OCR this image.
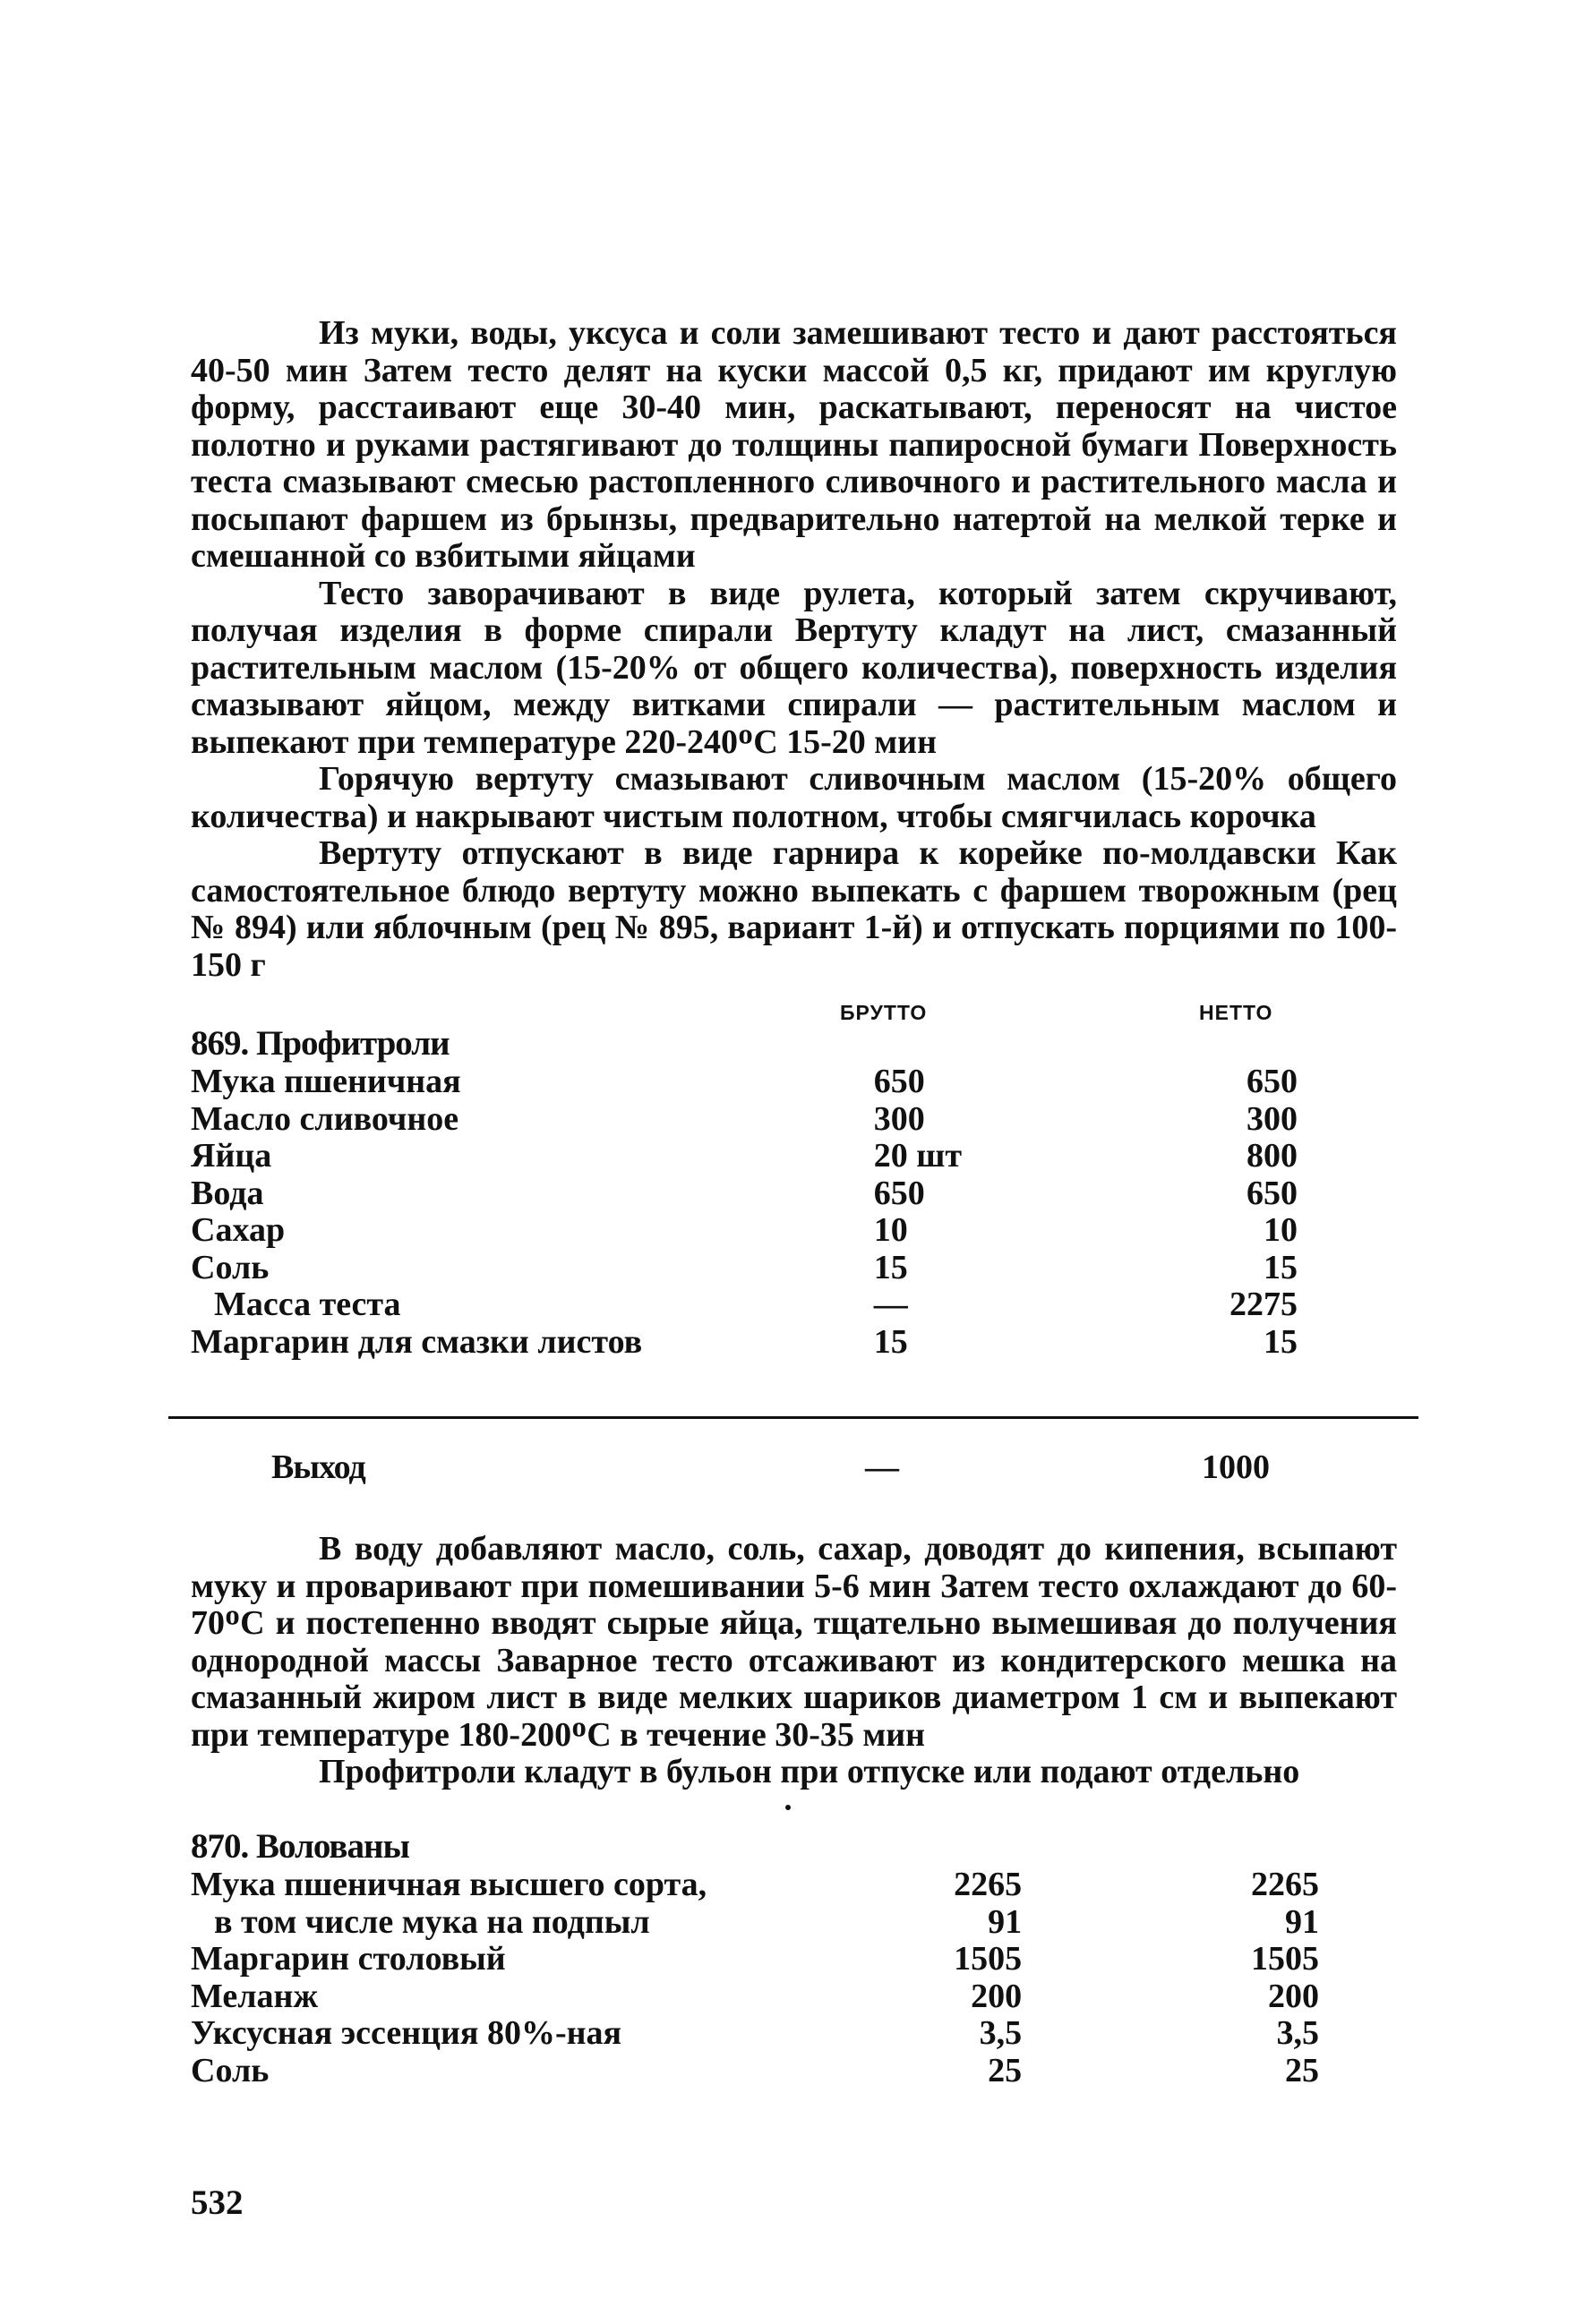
Из муки, воды, уксуса и соли замешивают тесто и дают расстояться 40-50 мин Затем тесто делят на куски массой 0,5 кг, придают им круглую форму, расстаивают еще 30-40 мин, раскатывают, переносят на чистое полотно и руками растягивают до толщины папиросной бумаги Поверхность теста смазывают смесью растопленного сливочного и растительного масла и посыпают фаршем из брынзы, предварительно натертой на мелкой терке и смешанной со взбитыми яйцами

Тесто заворачивают в виде рулета, который затем скручивают, получая изделия в форме спирали Вертуту кладут на лист, смазанный растительным маслом (15-20% от общего количества), поверхность изделия смазывают яйцом, между витками спирали — растительным маслом и выпекают при температуре 220-240ᴼС 15-20 мин

Горячую вертуту смазывают сливочным маслом (15-20% общего количества) и накрывают чистым полотном, чтобы смягчилась корочка

Вертуту отпускают в виде гарнира к корейке по-молдавски Как самостоятельное блюдо вертуту можно выпекать с фаршем творожным (рец № 894) или яблочным (рец № 895, вариант 1-й) и отпускать порциями по 100-150 г

БРУТТО	НЕТТО
869. Профитроли
Мука пшеничная	650	650
Масло сливочное	300	300
Яйца	20 шт	800
Вода	650	650
Сахар	10	10
Соль	15	15
Масса теста	—	2275
Маргарин для смазки листов	15	15
Выход	—	1000

В воду добавляют масло, соль, сахар, доводят до кипения, всыпают муку и проваривают при помешивании 5-6 мин Затем тесто охлаждают до 60-70ᴼС и постепенно вводят сырые яйца, тщательно вымешивая до получения однородной массы Заварное тесто отсаживают из кондитерского мешка на смазанный жиром лист в виде мелких шариков диаметром 1 см и выпекают при температуре 180-200ᴼС в течение 30-35 мин

Профитроли кладут в бульон при отпуске или подают отдельно

870. Волованы
Мука пшеничная высшего сорта,	2265	2265
в том числе мука на подпыл	91	91
Маргарин столовый	1505	1505
Меланж	200	200
Уксусная эссенция 80%-ная	3,5	3,5
Соль	25	25
532
